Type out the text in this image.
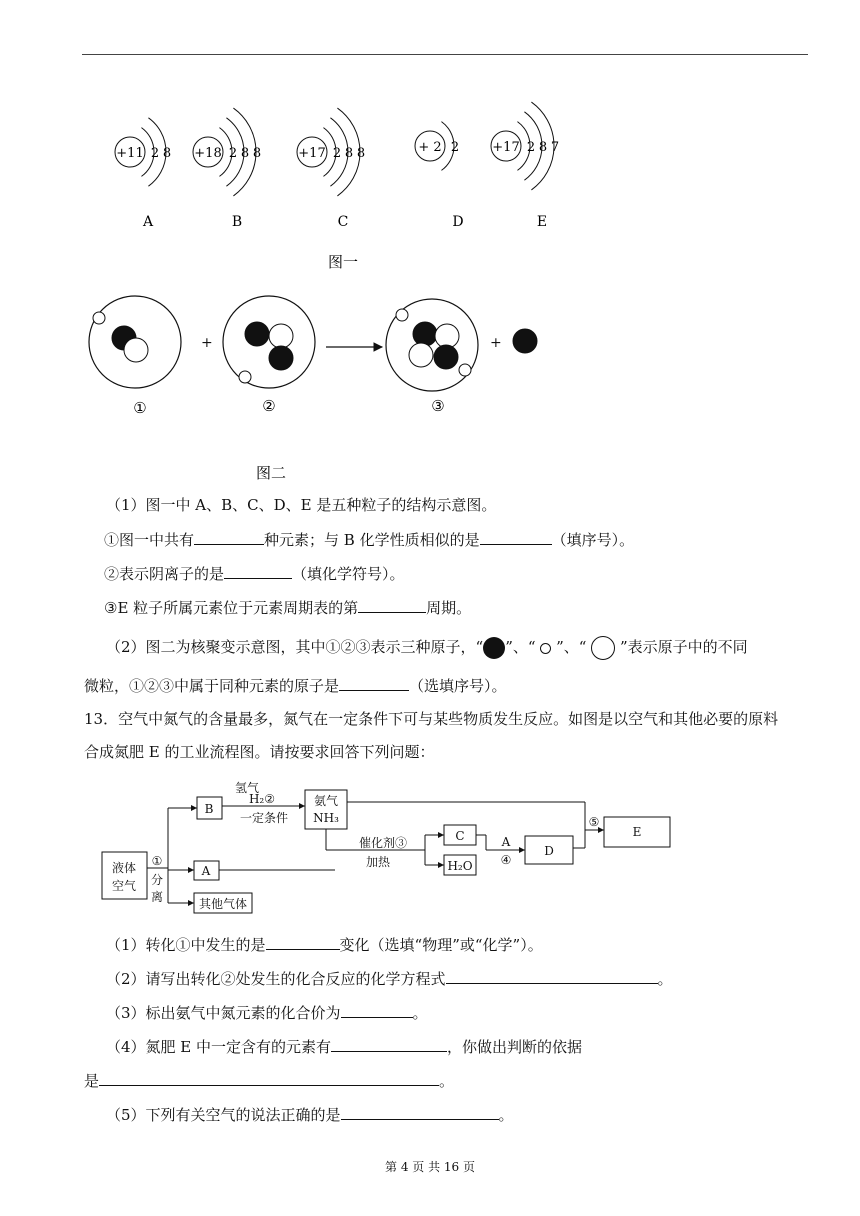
+11 2 8
A
+18 2 8 8
B
+17 2 8 8
C
+ 2 2
D
+17 2 8 7
E
图一
+	+
①	②	③
图二
液体
空气
①
分
离
B
A
其他气体
氢气
H₂②
一定条件
氨气
NH₃
催化剂③
加热
C
H₂O
A
④
D
⑤
E
（1）图一中 A、B、C、D、E 是五种粒子的结构示意图。
①图一中共有	种元素；与 B 化学性质相似的是	（填序号）。
②表示阴离子的是	（填化学符号）。
③E 粒子所属元素位于元素周期表的第	周期。
（2）图二为核聚变示意图，其中①②③表示三种原子，“ ”、“  ”、“  ”表示原子中的不同
微粒，①②③中属于同种元素的原子是	（选填序号）。
13．空气中氮气的含量最多，氮气在一定条件下可与某些物质发生反应。如图是以空气和其他必要的原料
合成氮肥 E 的工业流程图。请按要求回答下列问题：
（1）转化①中发生的是	变化（选填“物理”或“化学”）。
（2）请写出转化②处发生的化合反应的化学方程式	。
（3）标出氨气中氮元素的化合价为	。
（4）氮肥 E 中一定含有的元素有	，你做出判断的依据
是	。
（5）下列有关空气的说法正确的是	。
第 4 页 共 16 页
